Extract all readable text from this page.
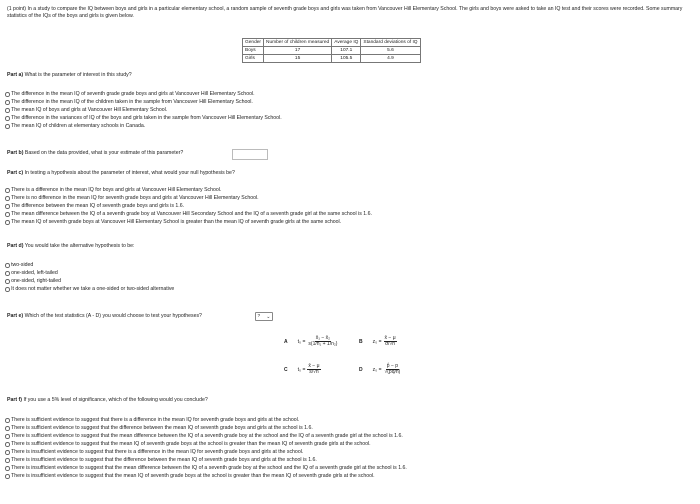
(1 point) In a study to compare the IQ between boys and girls in a particular elementary school, a random sample of seventh grade boys and girls was taken from Vancouver Hill Elementary School. The girls and boys were asked to take an IQ test and their scores were recorded. Some summary statistics of the IQs of the boys and girls is given below.
Gender	Number of children measured	Average IQ	Standard deviations of IQ
Boys	17	107.1	5.6
Girls	15	105.5	4.9
Part a) What is the parameter of interest in this study?
The difference in the mean IQ of seventh grade grade boys and girls at Vancouver Hill Elementary School.
The difference in the mean IQ of the children taken in the sample from Vancouver Hill Elementary School.
The mean IQ of boys and girls at Vancouver Hill Elementary School.
The difference in the variances of IQ of the boys and girls taken in the sample from Vancouver Hill Elementary School.
The mean IQ of children at elementary schools in Canada.
Part b) Based on the data provided, what is your estimate of this parameter?
Part c) In testing a hypothesis about the parameter of interest, what would your null hypothesis be?
There is a difference in the mean IQ for boys and girls at Vancouver Hill Elementary School.
There is no difference in the mean IQ for seventh grade boys and girls at Vancouver Hill Elementary School.
The difference between the mean IQ of seventh grade boys and girls is 1.6.
The mean difference between the IQ of a seventh grade boy at Vancouver Hill Secondary School and the IQ of a seventh grade girl at the same school is 1.6.
The mean IQ of seventh grade boys at Vancouver Hill Elementary School is greater than the mean IQ of seventh grade girls at the same school.
Part d) You would take the alternative hypothesis to be:
two-sided
one-sided, left-tailed
one-sided, right-tailed
It does not matter whether we take a one-sided or two-sided alternative
Part e) Which of the test statistics (A - D) you would choose to test your hypotheses?	? ⌄
A $t_0 = \frac{\text{x̄₁ − x̄₂}}{\text{s(1/n₁ + 1/n₂)}}$	B $z_0 = \frac{x̄ - \mu}{\sigma/√n}$
C $t_0 = \frac{x̄ - \mu}{s/√n}$	D $z_0 = \frac{p̂ - p}{√(pq/n)}$
Part f) If you use a 5% level of significance, which of the following would you conclude?
There is sufficient evidence to suggest that there is a difference in the mean IQ for seventh grade boys and girls at the school.
There is sufficient evidence to suggest that the difference between the mean IQ of seventh grade boys and girls at the school is 1.6.
There is sufficient evidence to suggest that the mean difference between the IQ of a seventh grade boy at the school and the IQ of a seventh grade girl at the school is 1.6.
There is sufficient evidence to suggest that the mean IQ of seventh grade boys at the school is greater than the mean IQ of seventh grade girls at the school.
There is insufficient evidence to suggest that there is a difference in the mean IQ for seventh grade boys and girls at the school.
There is insufficient evidence to suggest that the difference between the mean IQ of seventh grade boys and girls at the school is 1.6.
There is insufficient evidence to suggest that the mean difference between the IQ of a seventh grade boy at the school and the IQ of a seventh grade girl at the school is 1.6.
There is insufficient evidence to suggest that the mean IQ of seventh grade boys at the school is greater than the mean IQ of seventh grade girls at the school.
